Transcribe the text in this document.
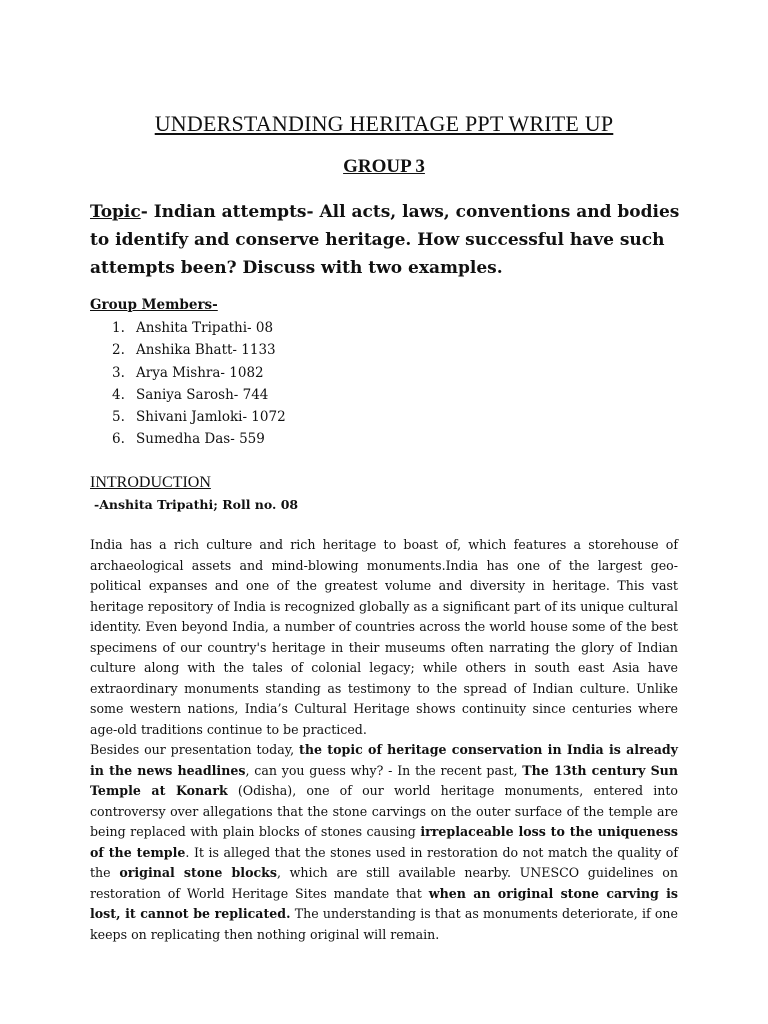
UNDERSTANDING HERITAGE PPT WRITE UP
GROUP 3
Topic- Indian attempts- All acts, laws, conventions and bodies to identify and conserve heritage. How successful have such attempts been? Discuss with two examples.
Group Members-
1. Anshita Tripathi- 08
2. Anshika Bhatt- 1133
3. Arya Mishra- 1082
4. Saniya Sarosh- 744
5. Shivani Jamloki- 1072
6. Sumedha Das- 559
INTRODUCTION
-Anshita Tripathi; Roll no. 08

India has a rich culture and rich heritage to boast of, which features a storehouse of archaeological assets and mind-blowing monuments.India has one of the largest geo-political expanses and one of the greatest volume and diversity in heritage. This vast heritage repository of India is recognized globally as a significant part of its unique cultural identity. Even beyond India, a number of countries across the world house some of the best specimens of our country's heritage in their museums often narrating the glory of Indian culture along with the tales of colonial legacy; while others in south east Asia have extraordinary monuments standing as testimony to the spread of Indian culture. Unlike some western nations, India’s Cultural Heritage shows continuity since centuries where age-old traditions continue to be practiced.

Besides our presentation today, the topic of heritage conservation in India is already in the news headlines, can you guess why? - In the recent past, The 13th century Sun Temple at Konark (Odisha), one of our world heritage monuments, entered into controversy over allegations that the stone carvings on the outer surface of the temple are being replaced with plain blocks of stones causing irreplaceable loss to the uniqueness of the temple. It is alleged that the stones used in restoration do not match the quality of the original stone blocks, which are still available nearby. UNESCO guidelines on restoration of World Heritage Sites mandate that when an original stone carving is lost, it cannot be replicated. The understanding is that as monuments deteriorate, if one keeps on replicating then nothing original will remain.
